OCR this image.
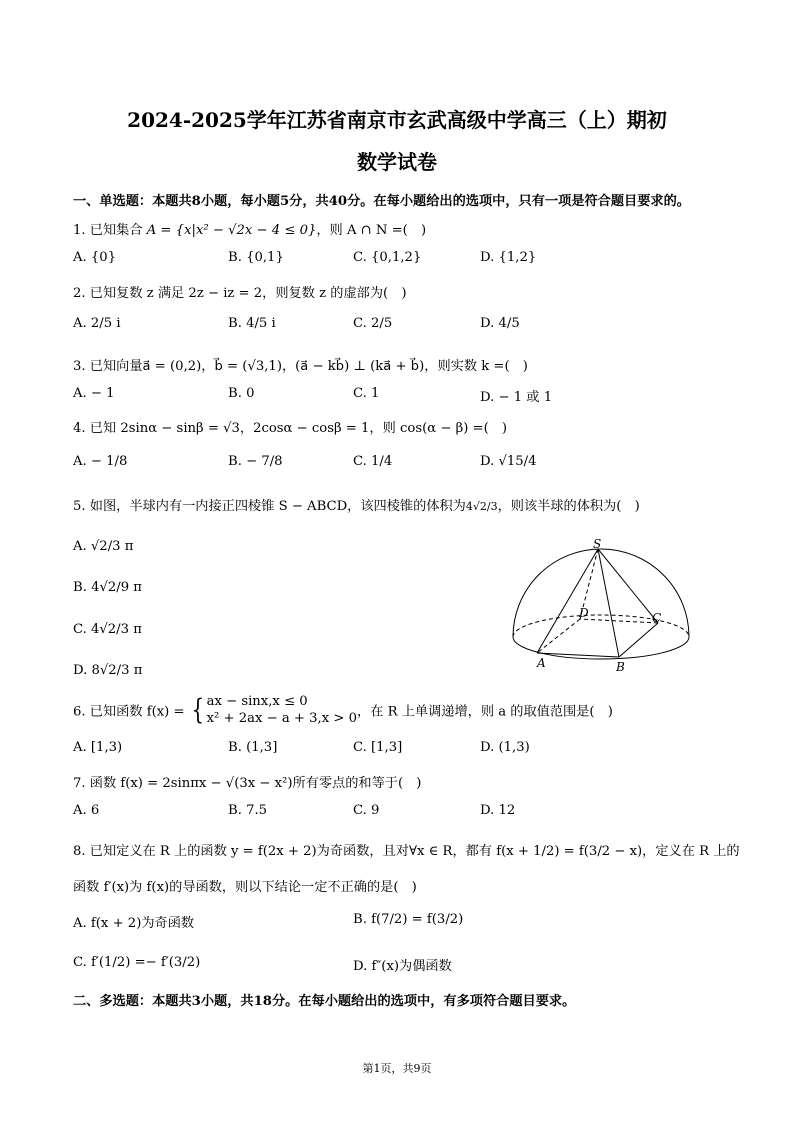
2024-2025学年江苏省南京市玄武高级中学高三（上）期初
数学试卷
一、单选题：本题共8小题，每小题5分，共40分。在每小题给出的选项中，只有一项是符合题目要求的。
1. 已知集合 A = {x|x² − √2x − 4 ≤ 0}，则 A ∩ N =(　)
A. {0}	B. {0,1}	C. {0,1,2}	D. {1,2}
2. 已知复数 z 满足 2z − iz = 2，则复数 z 的虚部为(　)
A. 2/5 i	B. 4/5 i	C. 2/5	D. 4/5
3. 已知向量a⃗ = (0,2)，b⃗ = (√3,1)，(a⃗ − kb⃗) ⊥ (ka⃗ + b⃗)，则实数 k =(　)
A. − 1	B. 0	C. 1	D. − 1 或 1
4. 已知 2sinα − sinβ = √3，2cosα − cosβ = 1，则 cos(α − β) =(　)
A. − 1/8	B. − 7/8	C. 1/4	D. √15/4
5. 如图，半球内有一内接正四棱锥 S − ABCD，该四棱锥的体积为4√2/3，则该半球的体积为(　)
A. √2/3 π
B. 4√2/9 π
C. 4√2/3 π
D. 8√2/3 π
S
D	C
A	B
6. 已知函数 f(x) = { ax − sinx,x ≤ 0
x² + 2ax − a + 3,x > 0，在 R 上单调递增，则 a 的取值范围是(　)
A. [1,3)	B. (1,3]	C. [1,3]	D. (1,3)
7. 函数 f(x) = 2sinπx − √(3x − x²)所有零点的和等于(　)
A. 6	B. 7.5	C. 9	D. 12
8. 已知定义在 R 上的函数 y = f(2x + 2)为奇函数，且对∀x ∈ R，都有 f(x + 1/2) = f(3/2 − x)，定义在 R 上的
函数 f′(x)为 f(x)的导函数，则以下结论一定不正确的是(　)
A. f(x + 2)为奇函数	B. f(7/2) = f(3/2)
C. f′(1/2) =− f′(3/2)	D. f″(x)为偶函数
二、多选题：本题共3小题，共18分。在每小题给出的选项中，有多项符合题目要求。
第1页，共9页
